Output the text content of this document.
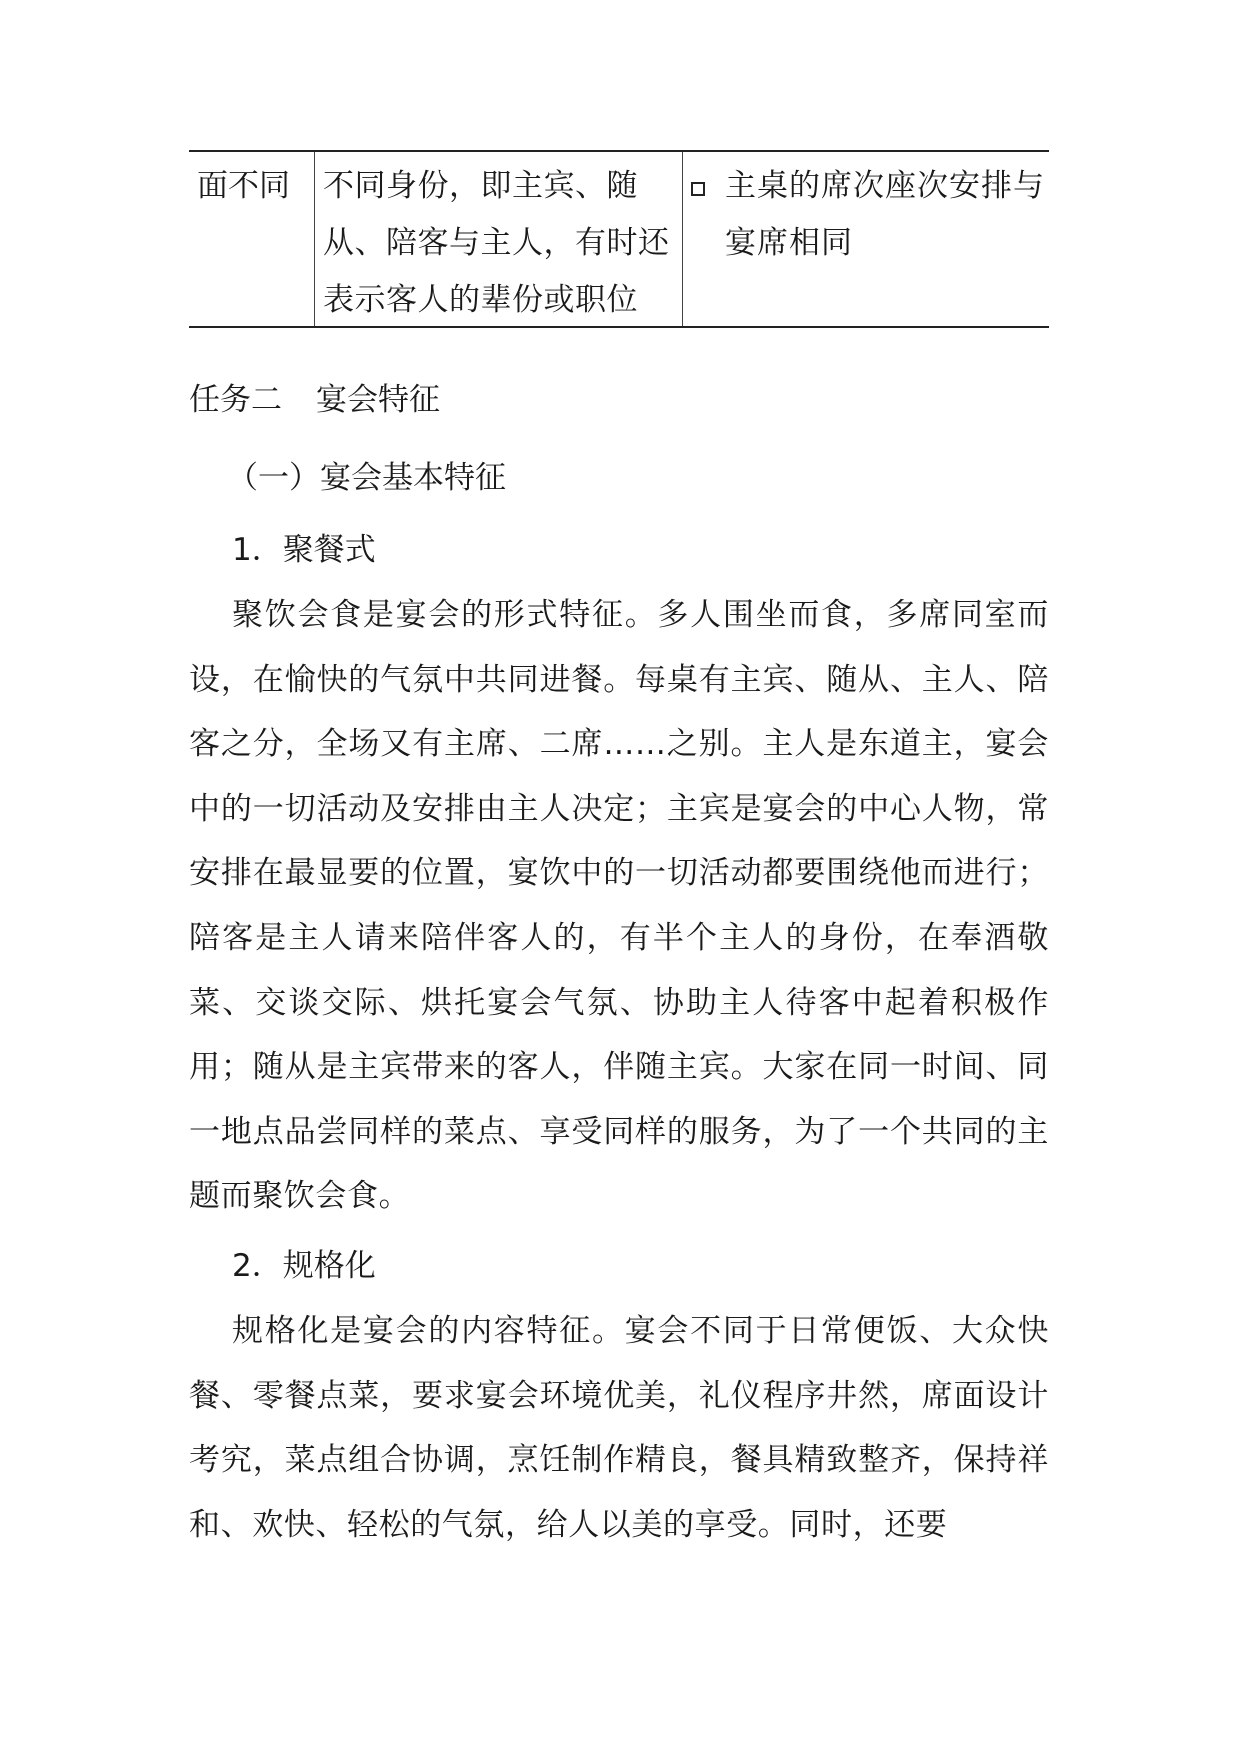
面不同	不同身份，即主宾、随从、陪客与主人，有时还表示客人的辈份或职位
主桌的席次座次安排与宴席相同
任务二 宴会特征
（一）宴会基本特征
1．聚餐式
聚饮会食是宴会的形式特征。多人围坐而食，多席同室而设，在愉快的气氛中共同进餐。每桌有主宾、随从、主人、陪客之分，全场又有主席、二席……之别。主人是东道主，宴会中的一切活动及安排由主人决定；主宾是宴会的中心人物，常安排在最显要的位置，宴饮中的一切活动都要围绕他而进行；陪客是主人请来陪伴客人的，有半个主人的身份，在奉酒敬菜、交谈交际、烘托宴会气氛、协助主人待客中起着积极作用；随从是主宾带来的客人，伴随主宾。大家在同一时间、同一地点品尝同样的菜点、享受同样的服务，为了一个共同的主题而聚饮会食。
2．规格化
规格化是宴会的内容特征。宴会不同于日常便饭、大众快餐、零餐点菜，要求宴会环境优美，礼仪程序井然，席面设计考究，菜点组合协调，烹饪制作精良，餐具精致整齐，保持祥和、欢快、轻松的气氛，给人以美的享受。同时，还要
